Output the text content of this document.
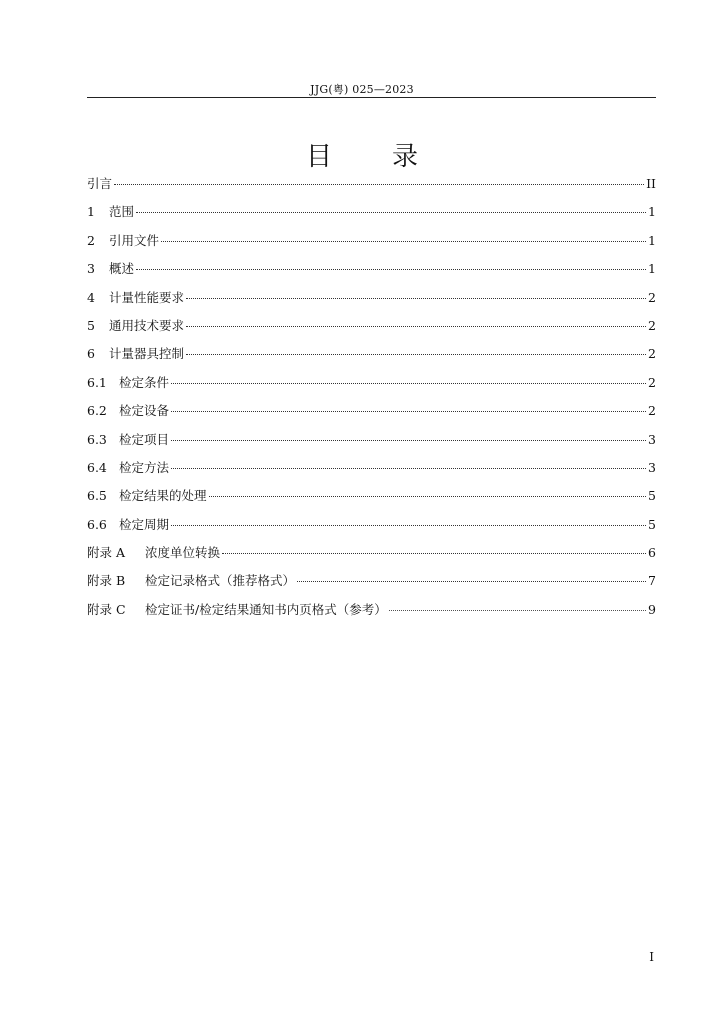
JJG(粤) 025—2023
目录
引言	II
1	范围	1
2	引用文件	1
3	概述	1
4	计量性能要求	2
5	通用技术要求	2
6	计量器具控制	2
6.1 检定条件	2
6.2 检定设备	2
6.3 检定项目	3
6.4 检定方法	3
6.5 检定结果的处理	5
6.6 检定周期	5
附录 A	浓度单位转换	6
附录 B	检定记录格式（推荐格式）	7
附录 C	检定证书/检定结果通知书内页格式（参考）	9
I
